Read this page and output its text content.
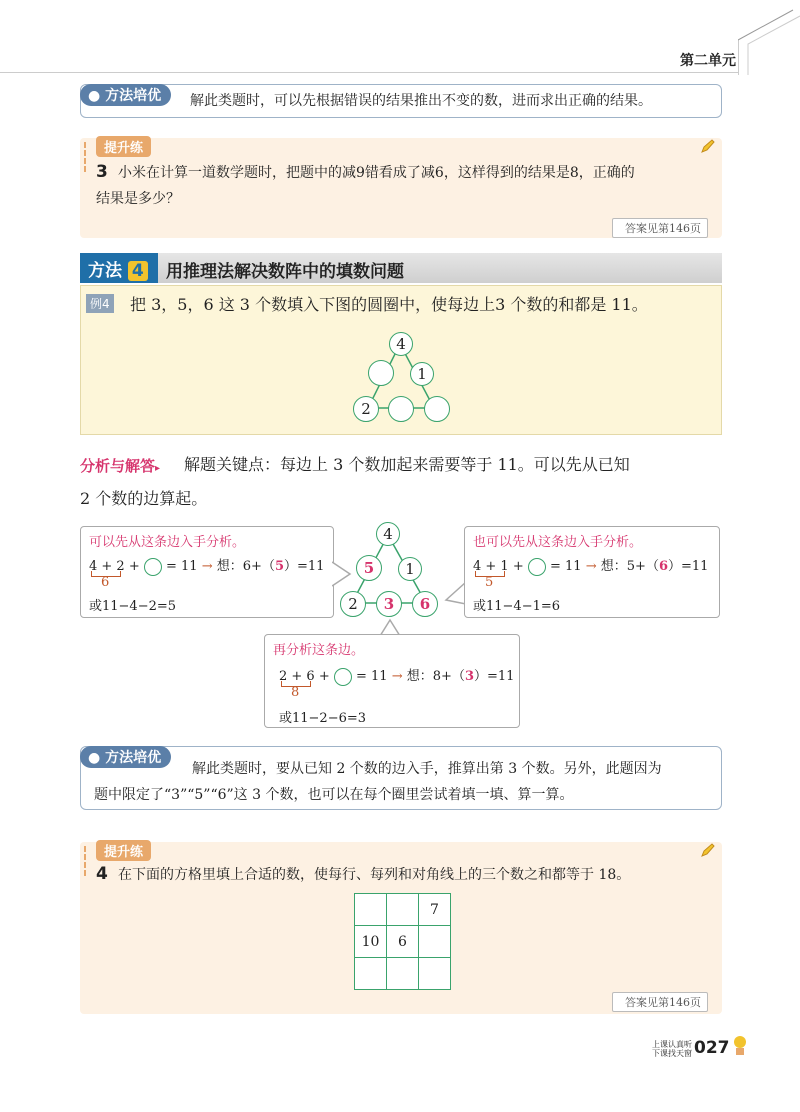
第二单元
● 方法培优	解此类题时，可以先根据错误的结果推出不变的数，进而求出正确的结果。
提升练
3 小米在计算一道数学题时，把题中的减9错看成了减6，这样得到的结果是8，正确的
结果是多少？
答案见第146页
方法 4	用推理法解决数阵中的填数问题
例4 把 3，5，6 这 3 个数填入下图的圆圈中，使每边上3 个数的和都是 11。
4
1
2
分析与解答▸ 解题关键点：每边上 3 个数加起来需要等于 11。可以先从已知
2 个数的边算起。
可以先从这条边入手分析。
4 + 2 + = 11 → 想：6+（5）=11
6
或11−4−2=5
4
5	1
2	3	6
也可以先从这条边入手分析。
4 + 1 + = 11 → 想：5+（6）=11
5
或11−4−1=6
再分析这条边。
2 + 6 + = 11 → 想：8+（3）=11
8
或11−2−6=3
● 方法培优
解此类题时，要从已知 2 个数的边入手，推算出第 3 个数。另外，此题因为
题中限定了“3”“5”“6”这 3 个数，也可以在每个圈里尝试着填一填、算一算。
提升练
4 在下面的方格里填上合适的数，使每行、每列和对角线上的三个数之和都等于 18。
		7
10	6	

答案见第146页
上课认真听
下课找天窗 027
